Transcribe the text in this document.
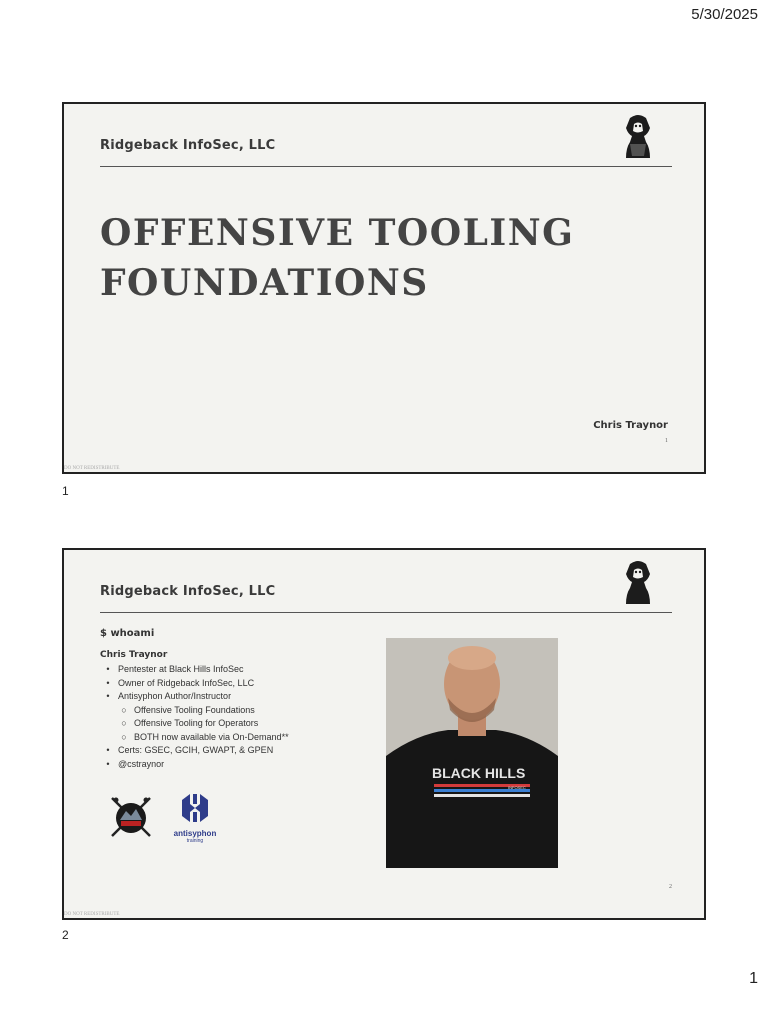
5/30/2025
Ridgeback InfoSec, LLC
OFFENSIVE TOOLING
FOUNDATIONS
Chris Traynor
1
DO NOT REDISTRIBUTE
1
Ridgeback InfoSec, LLC
$ whoami
Chris Traynor
• Pentester at Black Hills InfoSec
• Owner of Ridgeback InfoSec, LLC
• Antisyphon Author/Instructor
○ Offensive Tooling Foundations
○ Offensive Tooling for Operators
○ BOTH now available via On-Demand**
• Certs: GSEC, GCIH, GWAPT, & GPEN
• @cstraynor
antisyphon
training
BLACK HILLS
INFOSEC
2
DO NOT REDISTRIBUTE
2
1
